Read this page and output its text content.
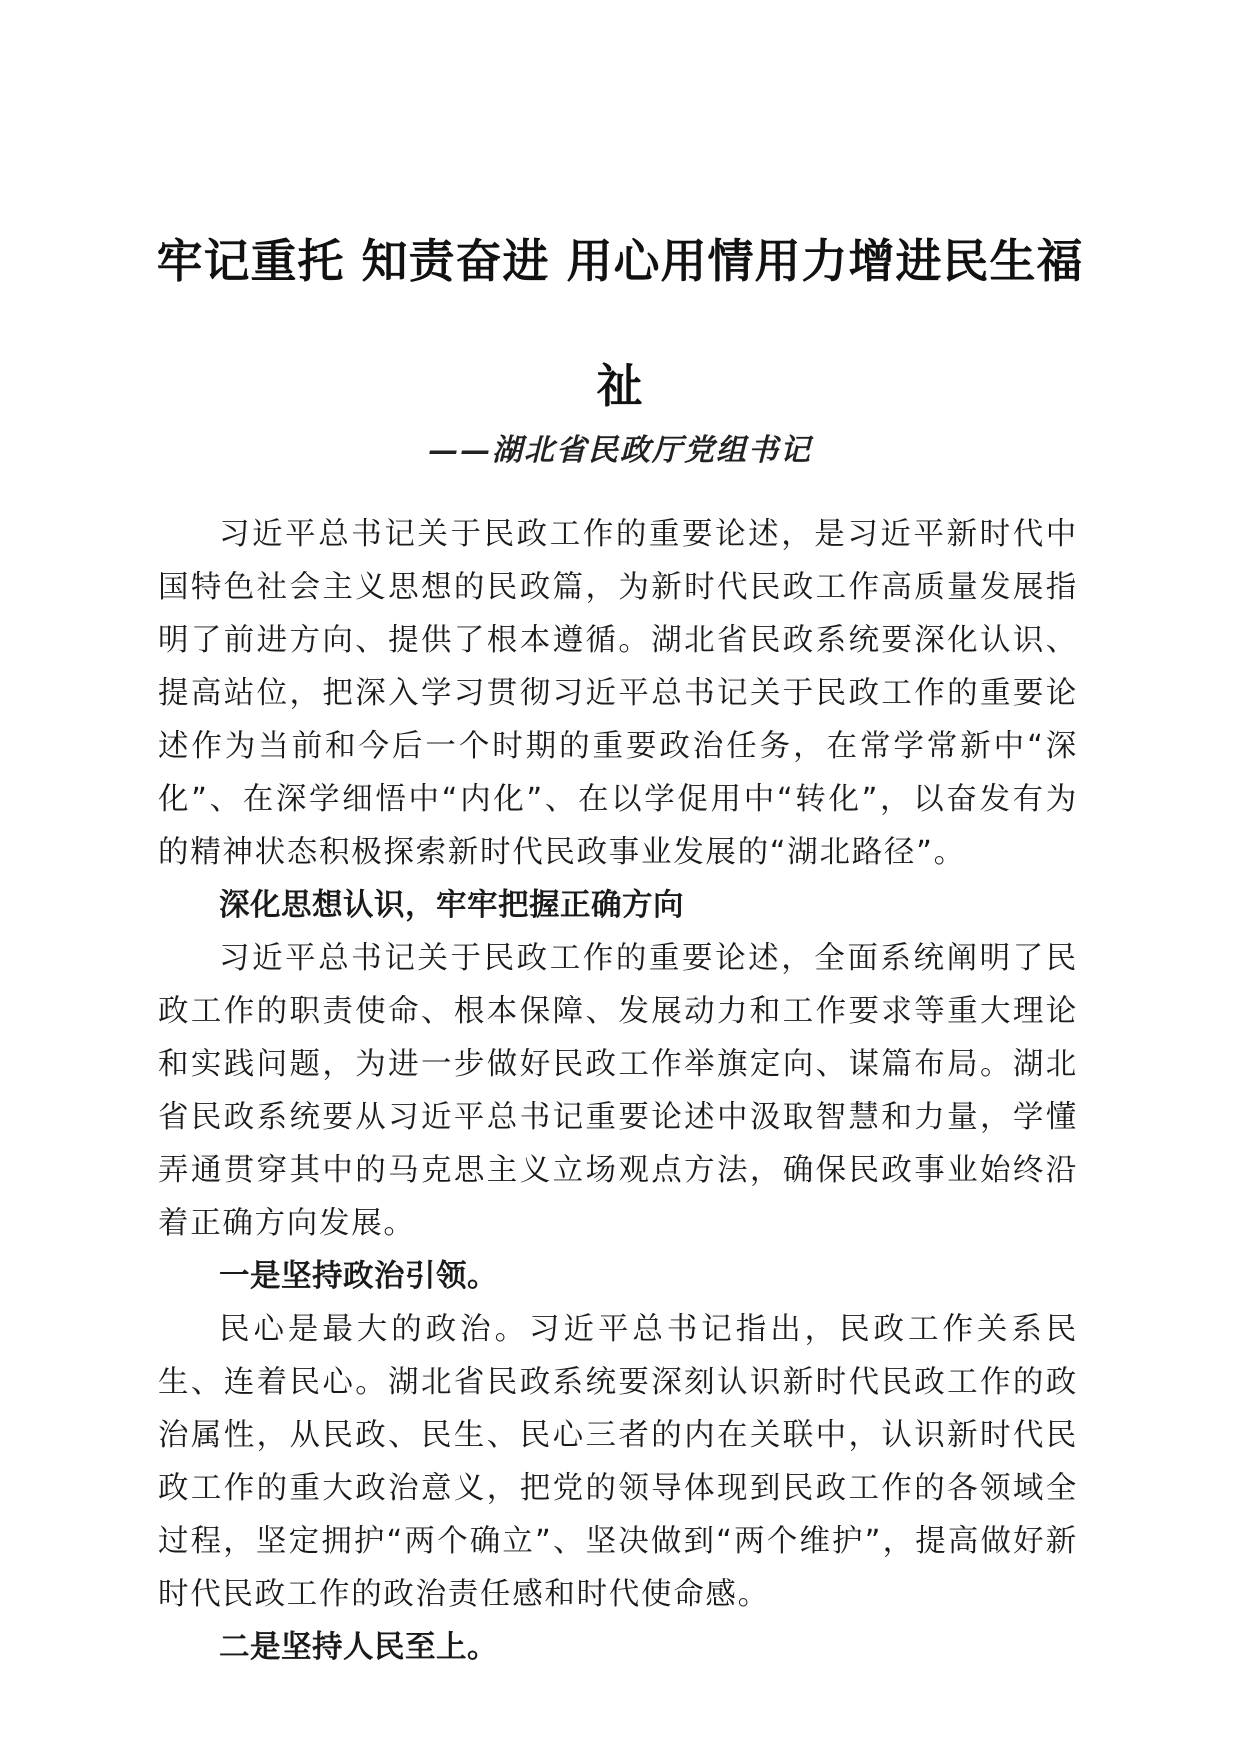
牢记重托 知责奋进 用心用情用力增进民生福
祉
——湖北省民政厅党组书记

习近平总书记关于民政工作的重要论述，是习近平新时代中国特色社会主义思想的民政篇，为新时代民政工作高质量发展指明了前进方向、提供了根本遵循。湖北省民政系统要深化认识、提高站位，把深入学习贯彻习近平总书记关于民政工作的重要论述作为当前和今后一个时期的重要政治任务，在常学常新中“深化”、在深学细悟中“内化”、在以学促用中“转化”，以奋发有为的精神状态积极探索新时代民政事业发展的“湖北路径”。

深化思想认识，牢牢把握正确方向

习近平总书记关于民政工作的重要论述，全面系统阐明了民政工作的职责使命、根本保障、发展动力和工作要求等重大理论和实践问题，为进一步做好民政工作举旗定向、谋篇布局。湖北省民政系统要从习近平总书记重要论述中汲取智慧和力量，学懂弄通贯穿其中的马克思主义立场观点方法，确保民政事业始终沿着正确方向发展。

一是坚持政治引领。

民心是最大的政治。习近平总书记指出，民政工作关系民生、连着民心。湖北省民政系统要深刻认识新时代民政工作的政治属性，从民政、民生、民心三者的内在关联中，认识新时代民政工作的重大政治意义，把党的领导体现到民政工作的各领域全过程，坚定拥护“两个确立”、坚决做到“两个维护”，提高做好新时代民政工作的政治责任感和时代使命感。

二是坚持人民至上。
